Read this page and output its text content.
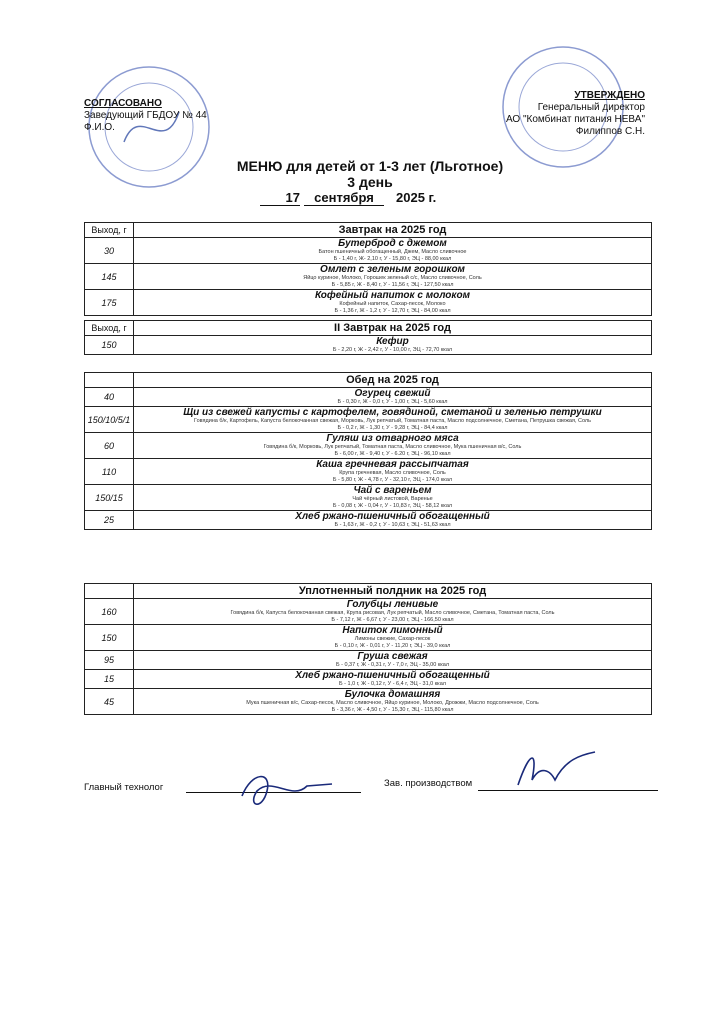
СОГЛАСОВАНО
Заведующий ГБДОУ № 44
Ф.И.О.
УТВЕРЖДЕНО
Генеральный директор
АО "Комбинат питания НЕВА"
Филиппов С.Н.
МЕНЮ для детей от 1-3 лет (Льготное)
3 день
17 сентября 2025 г.
Выход, г	Завтрак на 2025 год
30	Бутерброд с джемом
Батон пшеничный обогащенный, Джем, Масло сливочное
Б - 1,40 г, Ж- 2,10 г, У - 15,80 г, ЭЦ - 88,00 ккал

145	Омлет с зеленым горошком
Яйцо куриное, Молоко, Горошек зеленый с/с, Масло сливочное, Соль
Б - 5,85 г, Ж - 8,40 г, У - 11,56 г, ЭЦ - 127,50 ккал

175	Кофейный напиток с молоком
Кофейный напиток, Сахар-песок, Молоко
Б - 1,36 г, Ж - 1,2 г, У - 12,70 г, ЭЦ - 84,00 ккал
Выход, г	II Завтрак на 2025 год
150	Кефир
Б - 2,20 г, Ж - 2,42 г, У - 10,00 г, ЭЦ - 72,70 ккал
	Обед на 2025 год
40	Огурец свежий
Б - 0,30 г, Ж - 0,0 г, У - 1,00 г, ЭЦ - 5,60 ккал

150/10/5/1	Щи из свежей капусты с картофелем, говядиной, сметаной и зеленью петрушки
Говядина б/к, Картофель, Капуста белокочанная свежая, Морковь, Лук репчатый, Томатная паста, Масло подсолнечное, Сметана, Петрушка свежая, Соль
Б - 0,2 г, Ж - 1,30 г, У - 9,28 г, ЭЦ - 84,4 ккал

60	Гуляш из отварного мяса
Говядина б/к, Морковь, Лук репчатый, Томатная паста, Масло сливочное, Мука пшеничная в/с, Соль
Б - 6,00 г, Ж - 9,40 г, У - 6.20 г, ЭЦ - 96,10 ккал

110	Каша гречневая рассыпчатая
Крупа гречневая, Масло сливочное, Соль
Б - 5,80 г, Ж - 4,78 г, У - 32,10 г, ЭЦ - 174,0 ккал

150/15	Чай с вареньем
Чай чёрный листовой, Варенье
Б - 0,08 г, Ж - 0,04 г, У - 10,83 г, ЭЦ - 58,12 ккал

25	Хлеб ржано-пшеничный обогащенный
Б - 1,63 г, Ж - 0,2 г, У - 10,63 г, ЭЦ - 51,63 ккал
	Уплотненный полдник на 2025 год
160	Голубцы ленивые
Говядина б/к, Капуста белокочанная свежая, Крупа рисовая, Лук репчатый, Масло сливочное, Сметана, Томатная паста, Соль
Б - 7,12 г, Ж - 6,67 г, У - 23,00 г, ЭЦ - 166,50 ккал

150	Напиток лимонный
Лимоны свежие, Сахар-песок
Б - 0,10 г, Ж - 0,01 г, У - 11,20 г, ЭЦ - 39,0 ккал

95	Груша свежая
Б - 0,37 г, Ж - 0,31 г, У - 7,0 г, ЭЦ - 35,00 ккал

15	Хлеб ржано-пшеничный обогащенный
Б - 1,0 г, Ж - 0,12 г, У - 6,4 г, ЭЦ - 31,0 ккал

45	Булочка домашняя
Мука пшеничная в/с, Сахар-песок, Масло сливочное, Яйцо куриное, Молоко, Дрожжи, Масло подсолнечное, Соль
Б - 3,36 г, Ж - 4,50 г, У - 15,30 г, ЭЦ - 115,80 ккал
Главный технолог	Зав. производством
